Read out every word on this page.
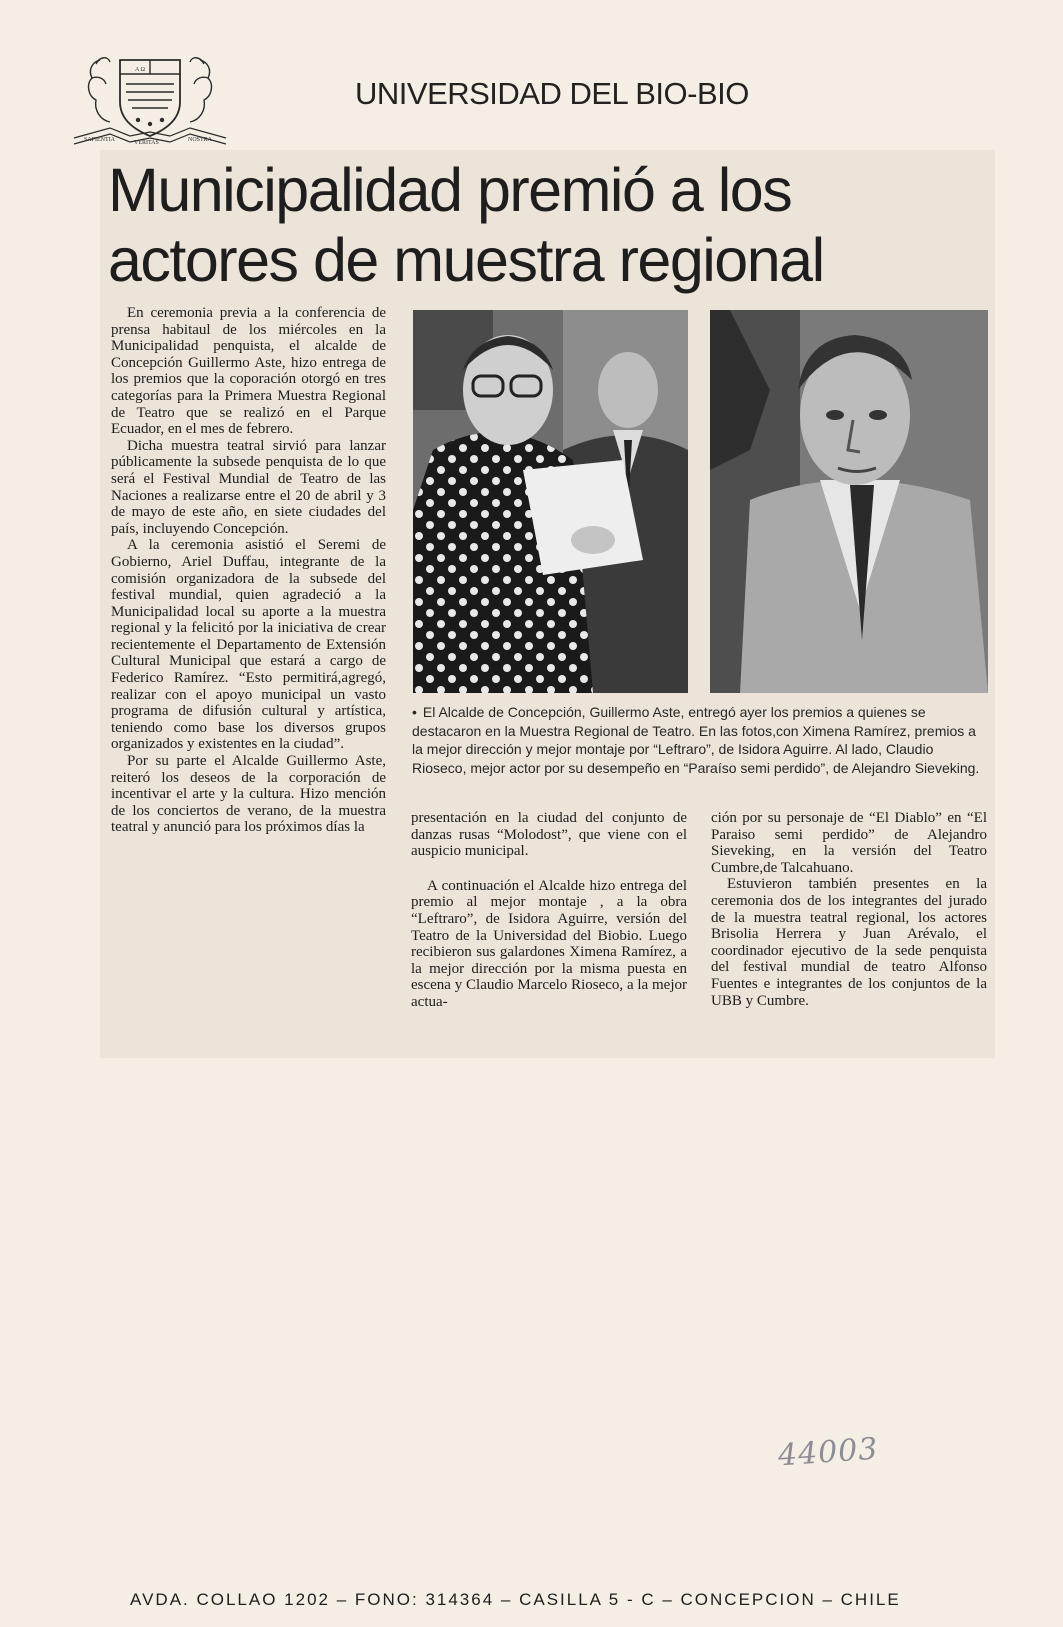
A Ω
SAPIENTIA	VERITAS	NOSTRA
UNIVERSIDAD DEL BIO-BIO
Municipalidad premió a los
actores de muestra regional

En ceremonia previa a la conferencia de prensa habitaul de los miércoles en la Municipalidad penquista, el alcalde de Concepción Guillermo Aste, hizo entrega de los premios que la coporación otorgó en tres categorías para la Primera Muestra Regional de Teatro que se realizó en el Parque Ecuador, en el mes de febrero.

Dicha muestra teatral sirvió para lanzar públicamente la subsede penquista de lo que será el Festival Mundial de Teatro de las Naciones a realizarse entre el 20 de abril y 3 de mayo de este año, en siete ciudades del país, incluyendo Concepción.

A la ceremonia asistió el Seremi de Gobierno, Ariel Duffau, integrante de la comisión organizadora de la subsede del festival mundial, quien agradeció a la Municipalidad local su aporte a la muestra regional y la felicitó por la iniciativa de crear recientemente el Departamento de Extensión Cultural Municipal que estará a cargo de Federico Ramírez. “Esto permitirá,agregó, realizar con el apoyo municipal un vasto programa de difusión cultural y artística, teniendo como base los diversos grupos organizados y existentes en la ciudad”.

Por su parte el Alcalde Guillermo Aste, reiteró los deseos de la corporación de incentivar el arte y la cultura. Hizo mención de los conciertos de verano, de la muestra teatral y anunció para los próximos días la

• El Alcalde de Concepción, Guillermo Aste, entregó ayer los premios a quienes se destacaron en la Muestra Regional de Teatro. En las fotos,con Ximena Ramírez, premios a la mejor dirección y mejor montaje por “Leftraro”, de Isidora Aguirre. Al lado, Claudio Rioseco, mejor actor por su desempeño en “Paraíso semi perdido”, de Alejandro Sieveking.

presentación en la ciudad del conjunto de danzas rusas “Molodost”, que viene con el auspicio municipal.

A continuación el Alcalde hizo entrega del premio al mejor montaje , a la obra “Leftraro”, de Isidora Aguirre, versión del Teatro de la Universidad del Biobio. Luego recibieron sus galardones Ximena Ramírez, a la mejor dirección por la misma puesta en escena y Claudio Marcelo Rioseco, a la mejor actua-

ción por su personaje de “El Diablo” en “El Paraiso semi perdido” de Alejandro Sieveking, en la versión del Teatro Cumbre,de Talcahuano.

Estuvieron también presentes en la ceremonia dos de los integrantes del jurado de la muestra teatral regional, los actores Brisolia Herrera y Juan Arévalo, el coordinador ejecutivo de la sede penquista del festival mundial de teatro Alfonso Fuentes e integrantes de los conjuntos de la UBB y Cumbre.

44003
AVDA. COLLAO 1202 – FONO: 314364 – CASILLA 5 - C – CONCEPCION – CHILE
